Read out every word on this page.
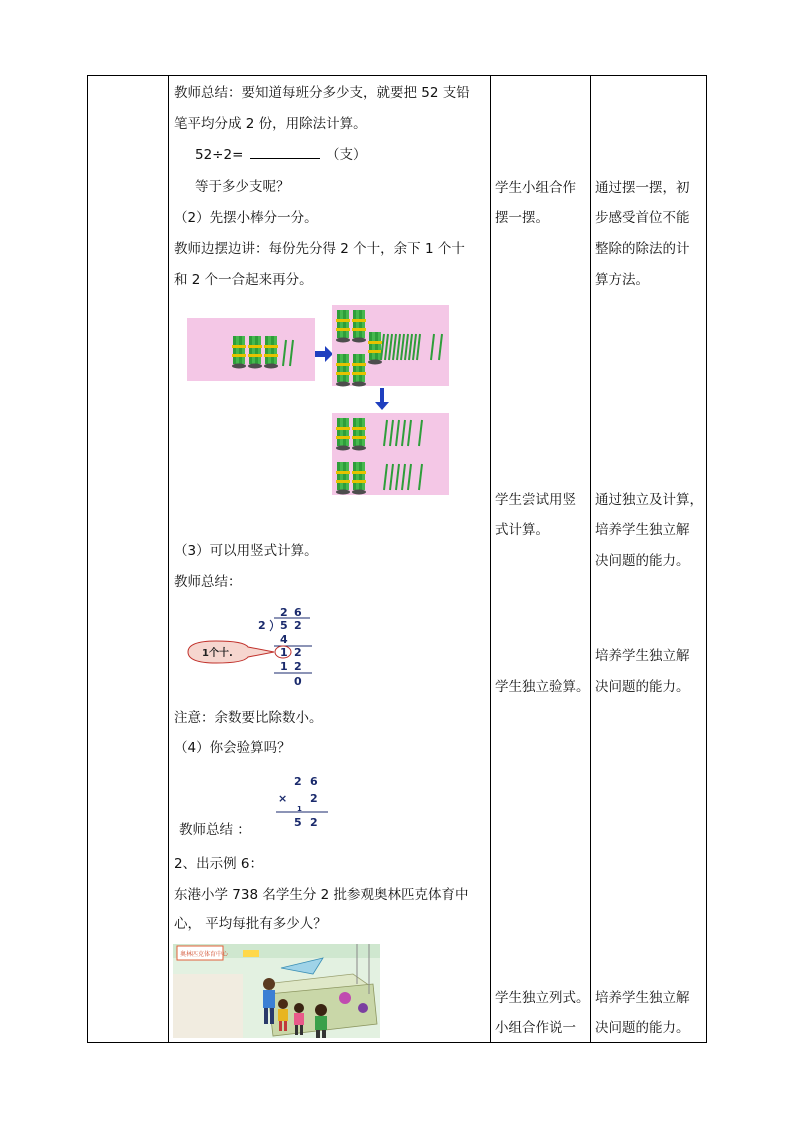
教师总结：要知道每班分多少支，就要把 52 支铅
笔平均分成 2 份，用除法计算。
52÷2=	（支）
等于多少支呢？
（2）先摆小棒分一分。
教师边摆边讲：每份先分得 2 个十，余下 1 个十
和 2 个一合起来再分。
（3）可以用竖式计算。
教师总结：
2 6
2 5 2
4
1 2
1 2
0
1个十.
注意：余数要比除数小。
（4）你会验算吗？
2 6
× 2
1
5 2
教师总结 ：
2、出示例 6：
东港小学 738 名学生分 2 批参观奥林匹克体育中
心， 平均每批有多少人？
奥林匹克体育中心
学生小组合作
摆一摆。
学生尝试用竖
式计算。
学生独立验算。
学生独立列式。
小组合作说一
通过摆一摆，初
步感受首位不能
整除的除法的计
算方法。
通过独立及计算，
培养学生独立解
决问题的能力。
培养学生独立解
决问题的能力。
培养学生独立解
决问题的能力。
